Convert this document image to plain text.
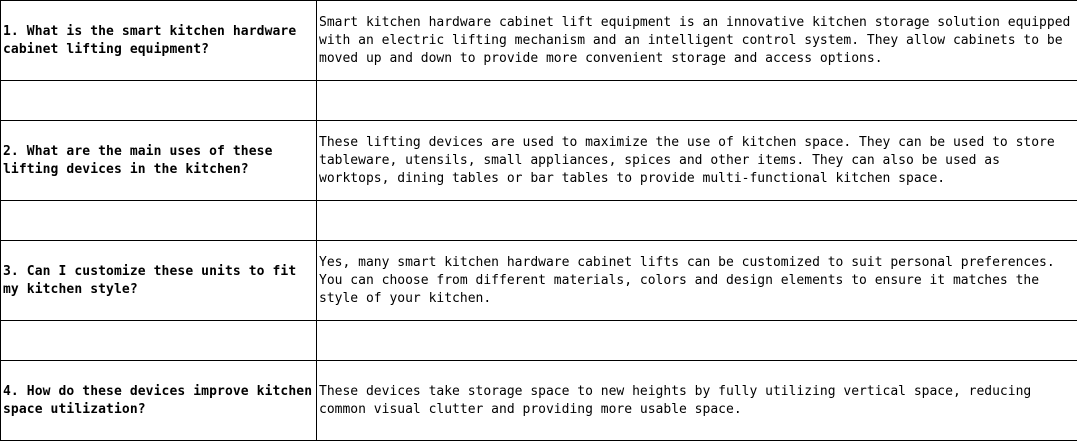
1. What is the smart kitchen hardware cabinet lifting equipment?	Smart kitchen hardware cabinet lift equipment is an innovative kitchen storage solution equipped with an electric lifting mechanism and an intelligent control system. They allow cabinets to be moved up and down to provide more convenient storage and access options.

2. What are the main uses of these lifting devices in the kitchen?	These lifting devices are used to maximize the use of kitchen space. They can be used to store tableware, utensils, small appliances, spices and other items. They can also be used as worktops, dining tables or bar tables to provide multi-functional kitchen space.

3. Can I customize these units to fit my kitchen style?	Yes, many smart kitchen hardware cabinet lifts can be customized to suit personal preferences. You can choose from different materials, colors and design elements to ensure it matches the style of your kitchen.

4. How do these devices improve kitchen space utilization?	These devices take storage space to new heights by fully utilizing vertical space, reducing common visual clutter and providing more usable space.
